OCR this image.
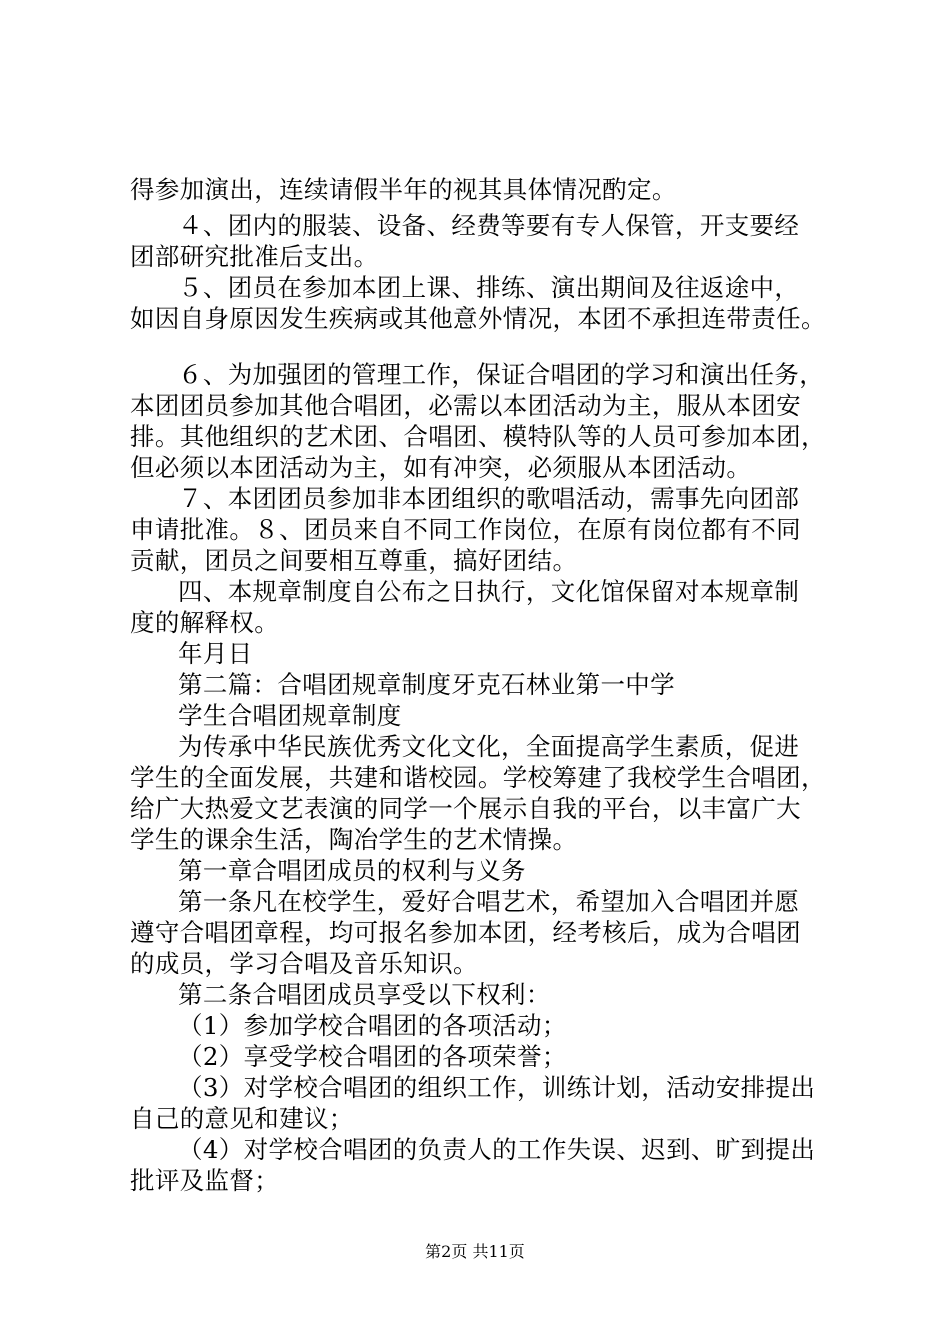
得参加演出，连续请假半年的视其具体情况酌定。
４、团内的服装、设备、经费等要有专人保管，开支要经
团部研究批准后支出。
５、团员在参加本团上课、排练、演出期间及往返途中，
如因自身原因发生疾病或其他意外情况，本团不承担连带责任。
６、为加强团的管理工作，保证合唱团的学习和演出任务，
本团团员参加其他合唱团，必需以本团活动为主，服从本团安
排。其他组织的艺术团、合唱团、模特队等的人员可参加本团，
但必须以本团活动为主，如有冲突，必须服从本团活动。
７、本团团员参加非本团组织的歌唱活动，需事先向团部
申请批准。８、团员来自不同工作岗位，在原有岗位都有不同
贡献，团员之间要相互尊重，搞好团结。
四、本规章制度自公布之日执行，文化馆保留对本规章制
度的解释权。
年月日
第二篇：合唱团规章制度牙克石林业第一中学
学生合唱团规章制度
为传承中华民族优秀文化文化，全面提高学生素质，促进
学生的全面发展，共建和谐校园。学校筹建了我校学生合唱团，
给广大热爱文艺表演的同学一个展示自我的平台，以丰富广大
学生的课余生活，陶冶学生的艺术情操。
第一章合唱团成员的权利与义务
第一条凡在校学生，爱好合唱艺术，希望加入合唱团并愿
遵守合唱团章程，均可报名参加本团，经考核后，成为合唱团
的成员，学习合唱及音乐知识。
第二条合唱团成员享受以下权利：
（1）参加学校合唱团的各项活动；
（2）享受学校合唱团的各项荣誉；
（3）对学校合唱团的组织工作，训练计划，活动安排提出
自己的意见和建议；
（4）对学校合唱团的负责人的工作失误、迟到、旷到提出
批评及监督；
第2页 共11页
